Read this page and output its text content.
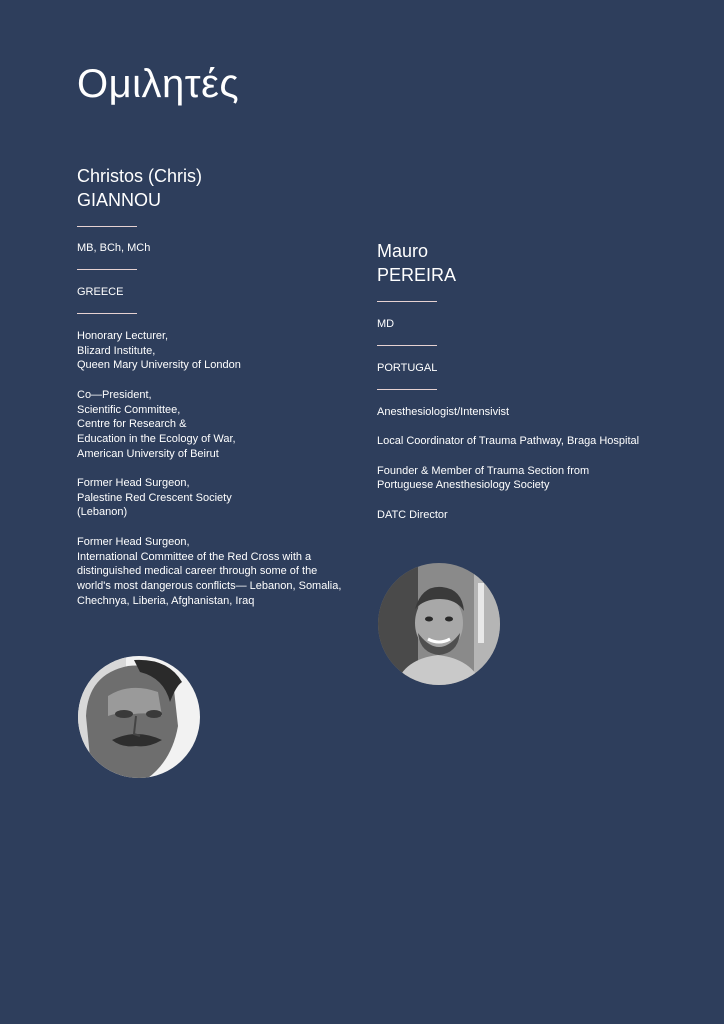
Ομιλητές
Christos (Chris)
GIANNOU
MB, BCh, MCh
GREECE

Honorary Lecturer,
Blizard Institute,
Queen Mary University of London

Co—President,
Scientific Committee,
Centre for Research &
Education in the Ecology of War,
American University of Beirut

Former Head Surgeon,
Palestine Red Crescent Society
(Lebanon)

Former Head Surgeon,
International Committee of the Red Cross with a
distinguished medical career through some of the
world's most dangerous conflicts— Lebanon, Somalia,
Chechnya, Liberia, Afghanistan, Iraq

Mauro
PEREIRA
MD
PORTUGAL

Anesthesiologist/Intensivist

Local Coordinator of Trauma Pathway, Braga Hospital

Founder & Member of Trauma Section from
Portuguese Anesthesiology Society

DATC Director
